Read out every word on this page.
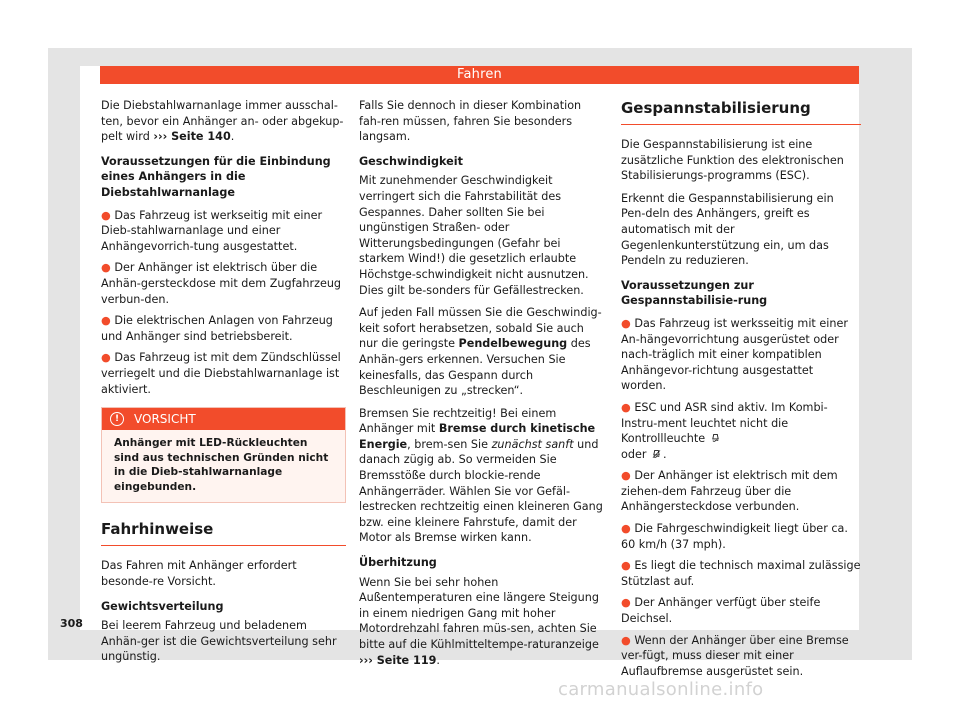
Fahren

Die Diebstahlwarnanlage immer ausschal-ten, bevor ein Anhänger an- oder abgekup-pelt wird ››› Seite 140.

Voraussetzungen für die Einbindung eines Anhängers in die Diebstahlwarnanlage

● Das Fahrzeug ist werkseitig mit einer Dieb-stahlwarnanlage und einer Anhängevorrich-tung ausgestattet.

● Der Anhänger ist elektrisch über die Anhän-gersteckdose mit dem Zugfahrzeug verbun-den.

● Die elektrischen Anlagen von Fahrzeug und Anhänger sind betriebsbereit.

● Das Fahrzeug ist mit dem Zündschlüssel verriegelt und die Diebstahlwarnanlage ist aktiviert.

!	VORSICHT
Anhänger mit LED-Rückleuchten sind aus technischen Gründen nicht in die Dieb-stahlwarnanlage eingebunden.
Fahrhinweise

Das Fahren mit Anhänger erfordert besonde-re Vorsicht.

Gewichtsverteilung

Bei leerem Fahrzeug und beladenem Anhän-ger ist die Gewichtsverteilung sehr ungünstig.

Falls Sie dennoch in dieser Kombination fah-ren müssen, fahren Sie besonders langsam.

Geschwindigkeit

Mit zunehmender Geschwindigkeit verringert sich die Fahrstabilität des Gespannes. Daher sollten Sie bei ungünstigen Straßen- oder Witterungsbedingungen (Gefahr bei starkem Wind!) die gesetzlich erlaubte Höchstge-schwindigkeit nicht ausnutzen. Dies gilt be-sonders für Gefällestrecken.

Auf jeden Fall müssen Sie die Geschwindig-keit sofort herabsetzen, sobald Sie auch nur die geringste Pendelbewegung des Anhän-gers erkennen. Versuchen Sie keinesfalls, das Gespann durch Beschleunigen zu „strecken“.

Bremsen Sie rechtzeitig! Bei einem Anhänger mit Bremse durch kinetische Energie, brem-sen Sie zunächst sanft und danach zügig ab. So vermeiden Sie Bremsstöße durch blockie-rende Anhängerräder. Wählen Sie vor Gefäl-lestrecken rechtzeitig einen kleineren Gang bzw. eine kleinere Fahrstufe, damit der Motor als Bremse wirken kann.

Überhitzung

Wenn Sie bei sehr hohen Außentemperaturen eine längere Steigung in einem niedrigen Gang mit hoher Motordrehzahl fahren müs-sen, achten Sie bitte auf die Kühlmitteltempe-raturanzeige ››› Seite 119.

Gespannstabilisierung

Die Gespannstabilisierung ist eine zusätzliche Funktion des elektronischen Stabilisierungs-programms (ESC).

Erkennt die Gespannstabilisierung ein Pen-deln des Anhängers, greift es automatisch mit der Gegenlenkunterstützung ein, um das Pendeln zu reduzieren.

Voraussetzungen zur Gespannstabilisie-rung

● Das Fahrzeug ist werksseitig mit einer An-hängevorrichtung ausgerüstet oder nach-träglich mit einer kompatiblen Anhängevor-richtung ausgestattet worden.

● ESC und ASR sind aktiv. Im Kombi-Instru-ment leuchtet nicht die Kontrollleuchte
oder .

● Der Anhänger ist elektrisch mit dem ziehen-dem Fahrzeug über die Anhängersteckdose verbunden.

● Die Fahrgeschwindigkeit liegt über ca. 60 km/h (37 mph).

● Es liegt die technisch maximal zulässige Stützlast auf.

● Der Anhänger verfügt über steife Deichsel.

● Wenn der Anhänger über eine Bremse ver-fügt, muss dieser mit einer Auflaufbremse ausgerüstet sein.

308
carmanualsonline.info
